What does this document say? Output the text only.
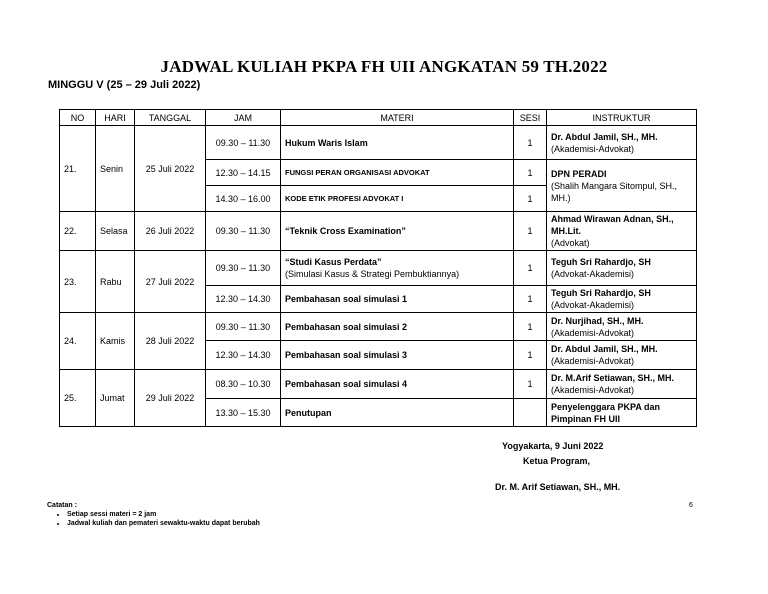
JADWAL KULIAH PKPA FH UII ANGKATAN 59 TH.2022
MINGGU V (25 – 29 Juli 2022)
NO	HARI	TANGGAL	JAM	MATERI	SESI	INSTRUKTUR
21.	Senin	25 Juli 2022	09.30 – 11.30	Hukum Waris Islam	1	Dr. Abdul Jamil, SH., MH.
(Akademisi-Advokat)
			12.30 – 14.15	FUNGSI PERAN ORGANISASI ADVOKAT	1	DPN PERADI
(Shalih Mangara Sitompul, SH., MH.)
			14.30 – 16.00	KODE ETIK PROFESI ADVOKAT I	1	
22.	Selasa	26 Juli 2022	09.30 – 11.30	“Teknik Cross Examination”	1	Ahmad Wirawan Adnan, SH., MH.Lit.
(Advokat)
23.	Rabu	27 Juli 2022	09.30 – 11.30	“Studi Kasus Perdata”
(Simulasi Kasus & Strategi Pembuktiannya)	1	Teguh Sri Rahardjo, SH
(Advokat-Akademisi)
			12.30 – 14.30	Pembahasan soal simulasi 1	1	Teguh Sri Rahardjo, SH
(Advokat-Akademisi)
24.	Kamis	28 Juli 2022	09.30 – 11.30	Pembahasan soal simulasi 2	1	Dr. Nurjihad, SH., MH.
(Akademisi-Advokat)
			12.30 – 14.30	Pembahasan soal simulasi 3	1	Dr. Abdul Jamil, SH., MH.
(Akademisi-Advokat)
25.	Jumat	29 Juli 2022	08.30 – 10.30	Pembahasan soal simulasi 4	1	Dr. M.Arif Setiawan, SH., MH.
(Akademisi-Advokat)
			13.30 – 15.30	Penutupan		Penyelenggara PKPA dan
Pimpinan FH UII
Yogyakarta, 9 Juni 2022
Ketua Program,
Dr. M. Arif Setiawan, SH., MH.
Catatan :
• Setiap sessi materi = 2 jam
• Jadwal kuliah dan pemateri sewaktu-waktu dapat berubah
6
